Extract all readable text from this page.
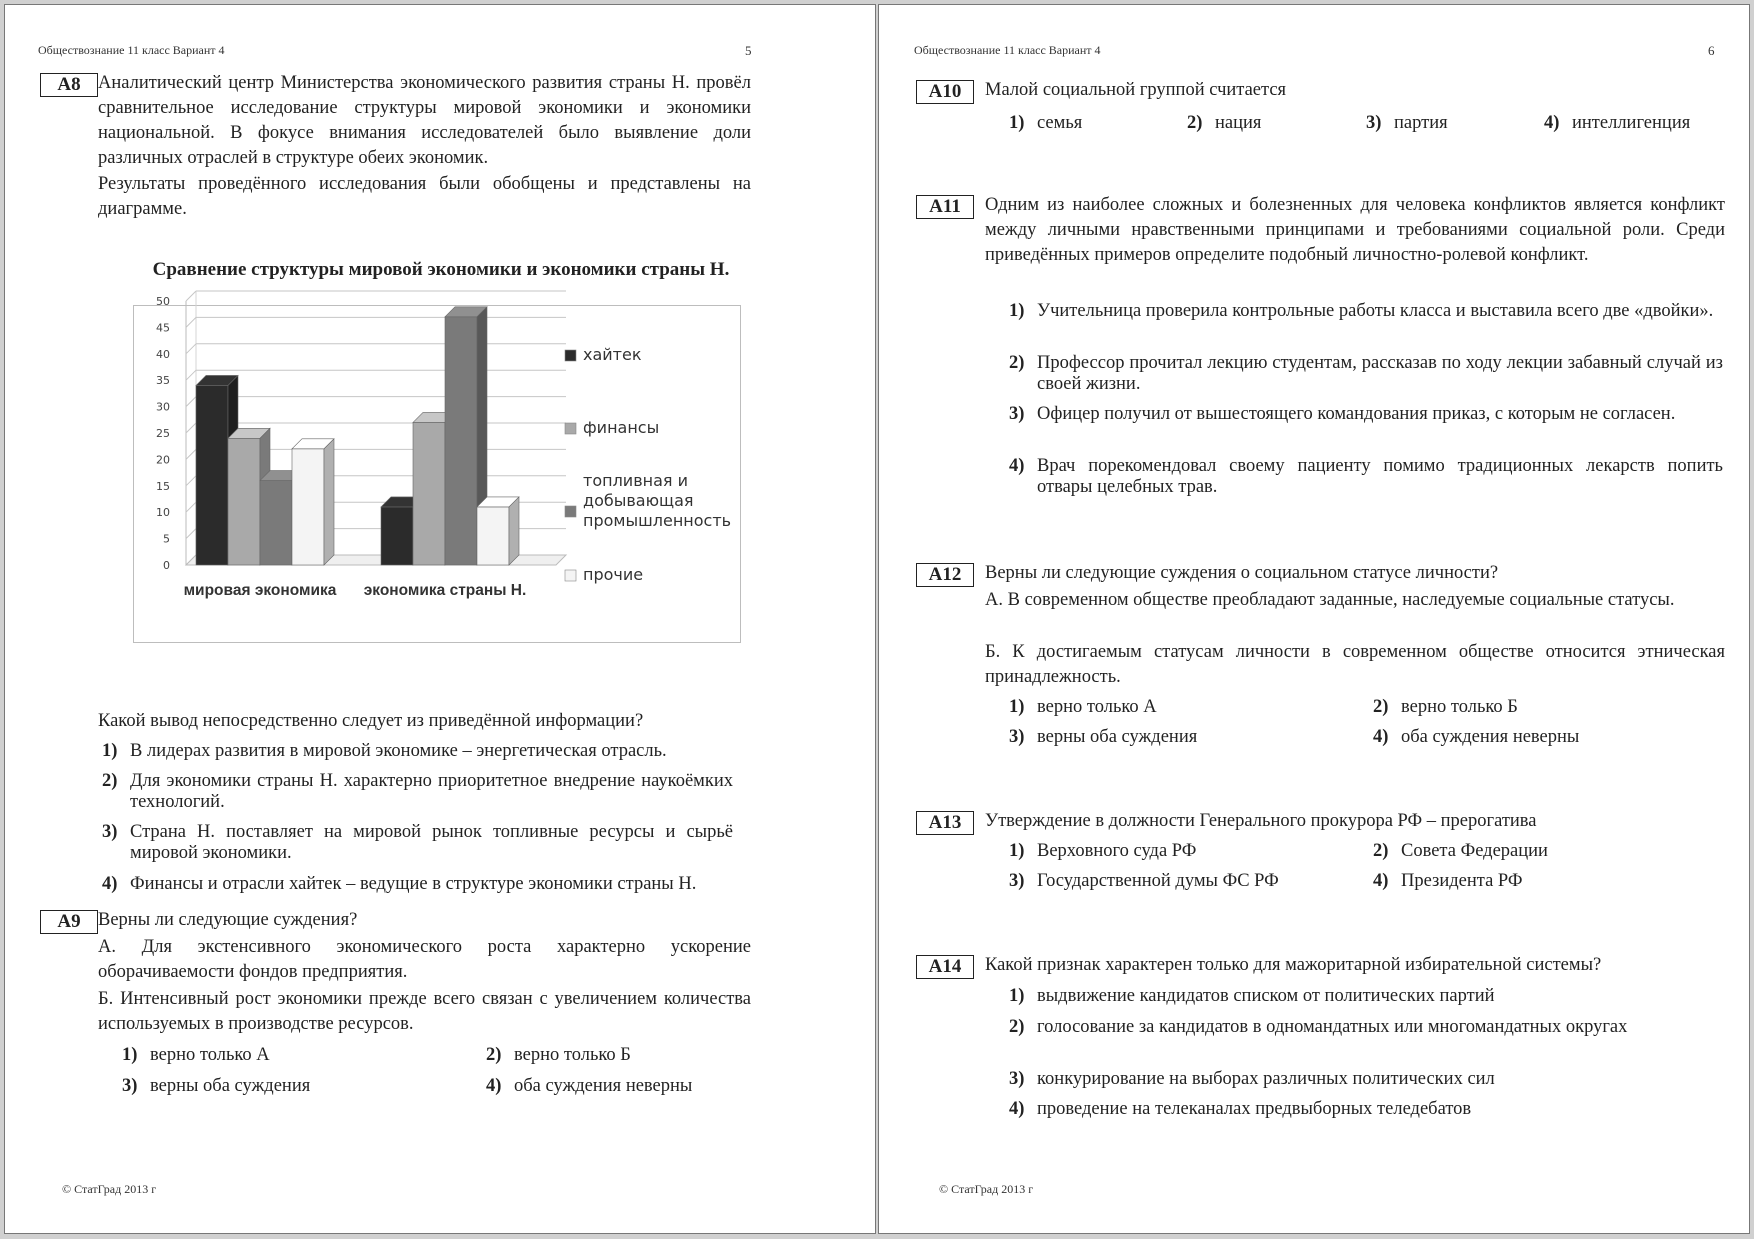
Обществознание 11 класс Вариант 4	5
А8 Аналитический центр Министерства экономического развития страны Н. провёл сравнительное исследование структуры мировой экономики и экономики национальной. В фокусе внимания исследователей было выявление доли различных отраслей в структуре обеих экономик.

Результаты проведённого исследования были обобщены и представлены на диаграмме.

Сравнение структуры мировой экономики и экономики страны Н.
0
5
10
15
20
25
30
35
40
45
50
мировая экономика экономика страны Н.
хайтек
финансы
топливная и
добывающая
промышленность
прочие

Какой вывод непосредственно следует из приведённой информации?

1) В лидерах развития в мировой экономике – энергетическая отрасль.
2) Для экономики страны Н. характерно приоритетное внедрение наукоёмких технологий.
3) Страна Н. поставляет на мировой рынок топливные ресурсы и сырьё мировой экономики.
4) Финансы и отрасли хайтек – ведущие в структуре экономики страны Н.
А9 Верны ли следующие суждения?

А. Для экстенсивного экономического роста характерно ускорение оборачиваемости фондов предприятия.

Б. Интенсивный рост экономики прежде всего связан с увеличением количества используемых в производстве ресурсов.

1) верно только А	2) верно только Б
3) верны оба суждения	4) оба суждения неверны
© СтатГрад 2013 г
Обществознание 11 класс Вариант 4	6
А10	Малой социальной группой считается

1) семья	2) нация	3) партия	4) интеллигенция
А11	Одним из наиболее сложных и болезненных для человека конфликтов является конфликт между личными нравственными принципами и требованиями социальной роли. Среди приведённых примеров определите подобный личностно-ролевой конфликт.

1) Учительница проверила контрольные работы класса и выставила всего две «двойки».
2) Профессор прочитал лекцию студентам, рассказав по ходу лекции забавный случай из своей жизни.
3) Офицер получил от вышестоящего командования приказ, с которым не согласен.
4) Врач порекомендовал своему пациенту помимо традиционных лекарств попить отвары целебных трав.
А12	Верны ли следующие суждения о социальном статусе личности?

А. В современном обществе преобладают заданные, наследуемые социальные статусы.

Б. К достигаемым статусам личности в современном обществе относится этническая принадлежность.

1) верно только А	2) верно только Б
3) верны оба суждения	4) оба суждения неверны
А13	Утверждение в должности Генерального прокурора РФ – прерогатива

1) Верховного суда РФ	2) Совета Федерации
3) Государственной думы ФС РФ	4) Президента РФ
А14	Какой признак характерен только для мажоритарной избирательной системы?

1) выдвижение кандидатов списком от политических партий
2) голосование за кандидатов в одномандатных или многомандатных округах
3) конкурирование на выборах различных политических сил
4) проведение на телеканалах предвыборных теледебатов
© СтатГрад 2013 г
